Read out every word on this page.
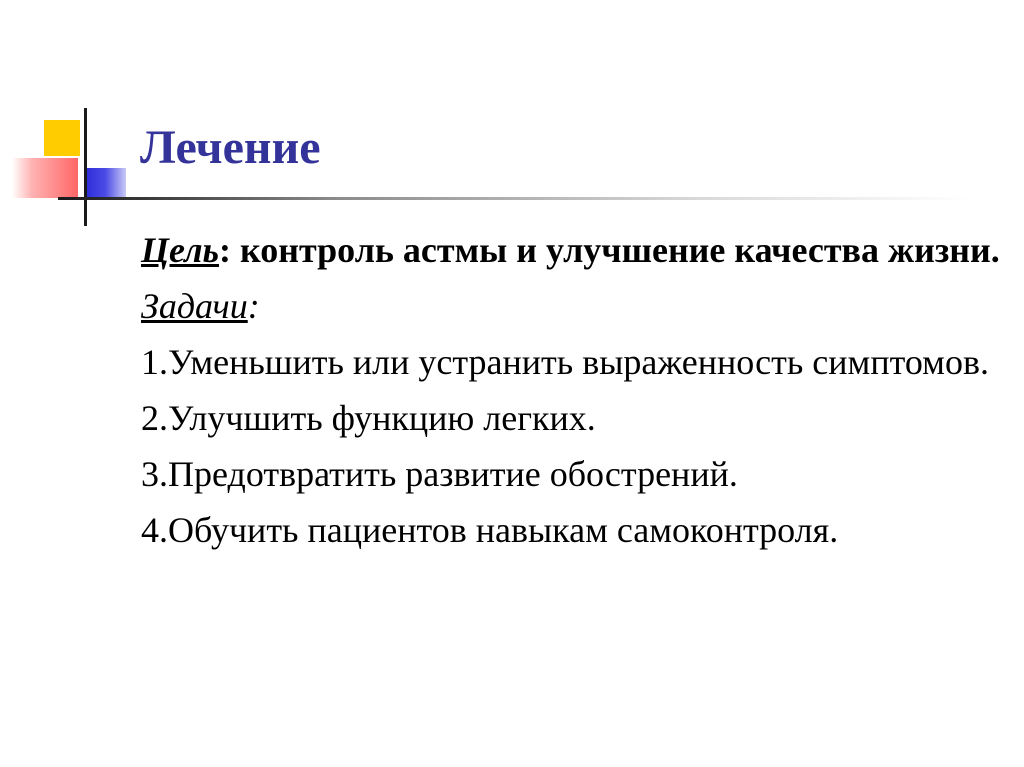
Лечение

Цель: контроль астмы и улучшение качества жизни.

Задачи:

1.Уменьшить или устранить выраженность симптомов.

2.Улучшить функцию легких.

3.Предотвратить развитие обострений.

4.Обучить пациентов навыкам самоконтроля.
